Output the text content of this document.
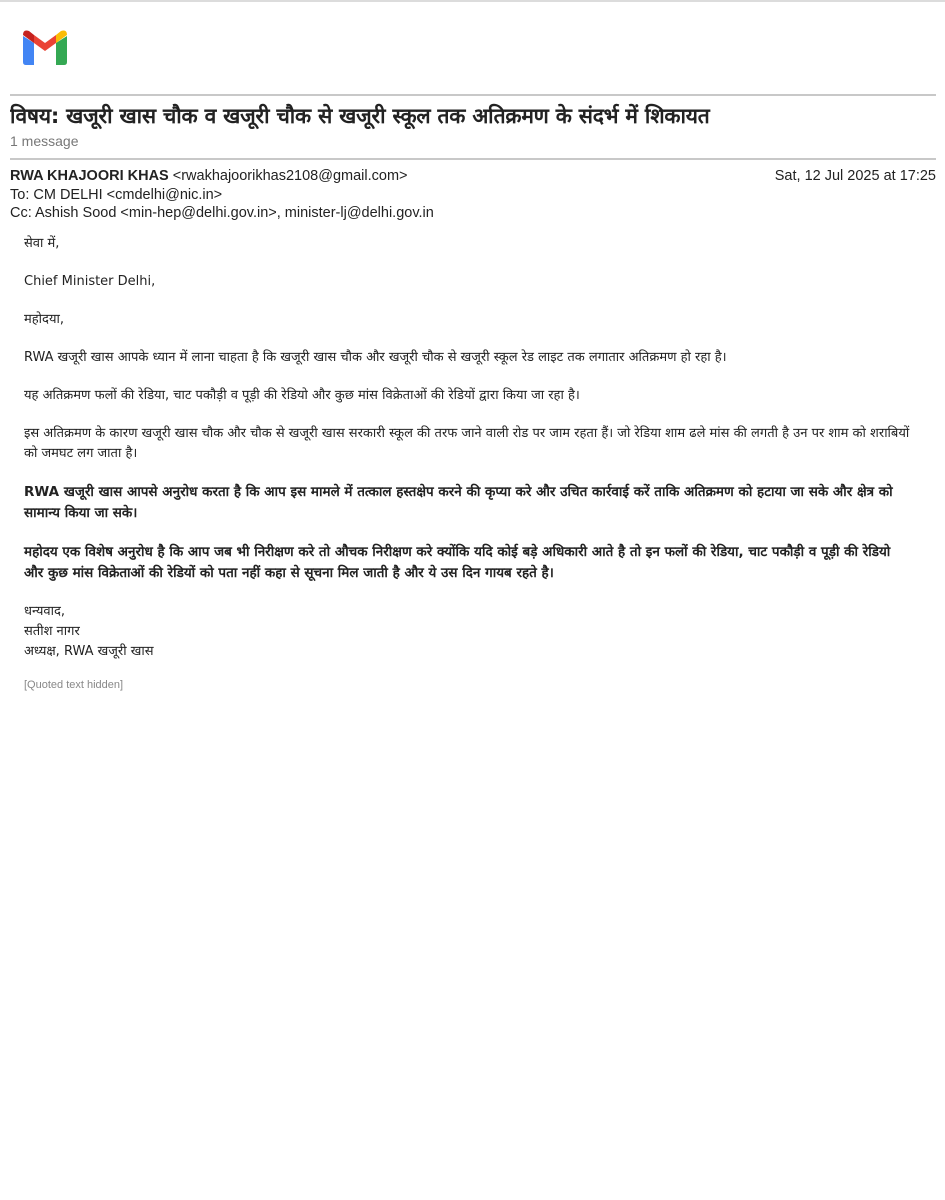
विषय: खजूरी खास चौक व खजूरी चौक से खजूरी स्कूल तक अतिक्रमण के संदर्भ में शिकायत
1 message
RWA KHAJOORI KHAS <rwakhajoorikhas2108@gmail.com>	Sat, 12 Jul 2025 at 17:25
To: CM DELHI <cmdelhi@nic.in>
Cc: Ashish Sood <min-hep@delhi.gov.in>, minister-lj@delhi.gov.in

सेवा में,

Chief Minister Delhi,

महोदया,

RWA खजूरी खास आपके ध्यान में लाना चाहता है कि खजूरी खास चौक और खजूरी चौक से खजूरी स्कूल रेड लाइट तक लगातार अतिक्रमण हो रहा है।

यह अतिक्रमण फलों की रेडिया, चाट पकौड़ी व पूड़ी की रेडियो और कुछ मांस विक्रेताओं की रेडियों द्वारा किया जा रहा है।

इस अतिक्रमण के कारण खजूरी खास चौक और चौक से खजूरी खास सरकारी स्कूल की तरफ जाने वाली रोड पर जाम रहता हैं। जो रेडिया शाम ढले मांस की लगती है उन पर शाम को शराबियों को जमघट लग जाता है।

RWA खजूरी खास आपसे अनुरोध करता है कि आप इस मामले में तत्काल हस्तक्षेप करने की कृप्या करे और उचित कार्रवाई करें ताकि अतिक्रमण को हटाया जा सके और क्षेत्र को सामान्य किया जा सके।

महोदय एक विशेष अनुरोध है कि आप जब भी निरीक्षण करे तो औचक निरीक्षण करे क्योंकि यदि कोई बड़े अधिकारी आते है तो इन फलों की रेडिया, चाट पकौड़ी व पूड़ी की रेडियो और कुछ मांस विक्रेताओं की रेडियों को पता नहीं कहा से सूचना मिल जाती है और ये उस दिन गायब रहते है।

धन्यवाद,

सतीश नागर

अध्यक्ष, RWA खजूरी खास

[Quoted text hidden]
